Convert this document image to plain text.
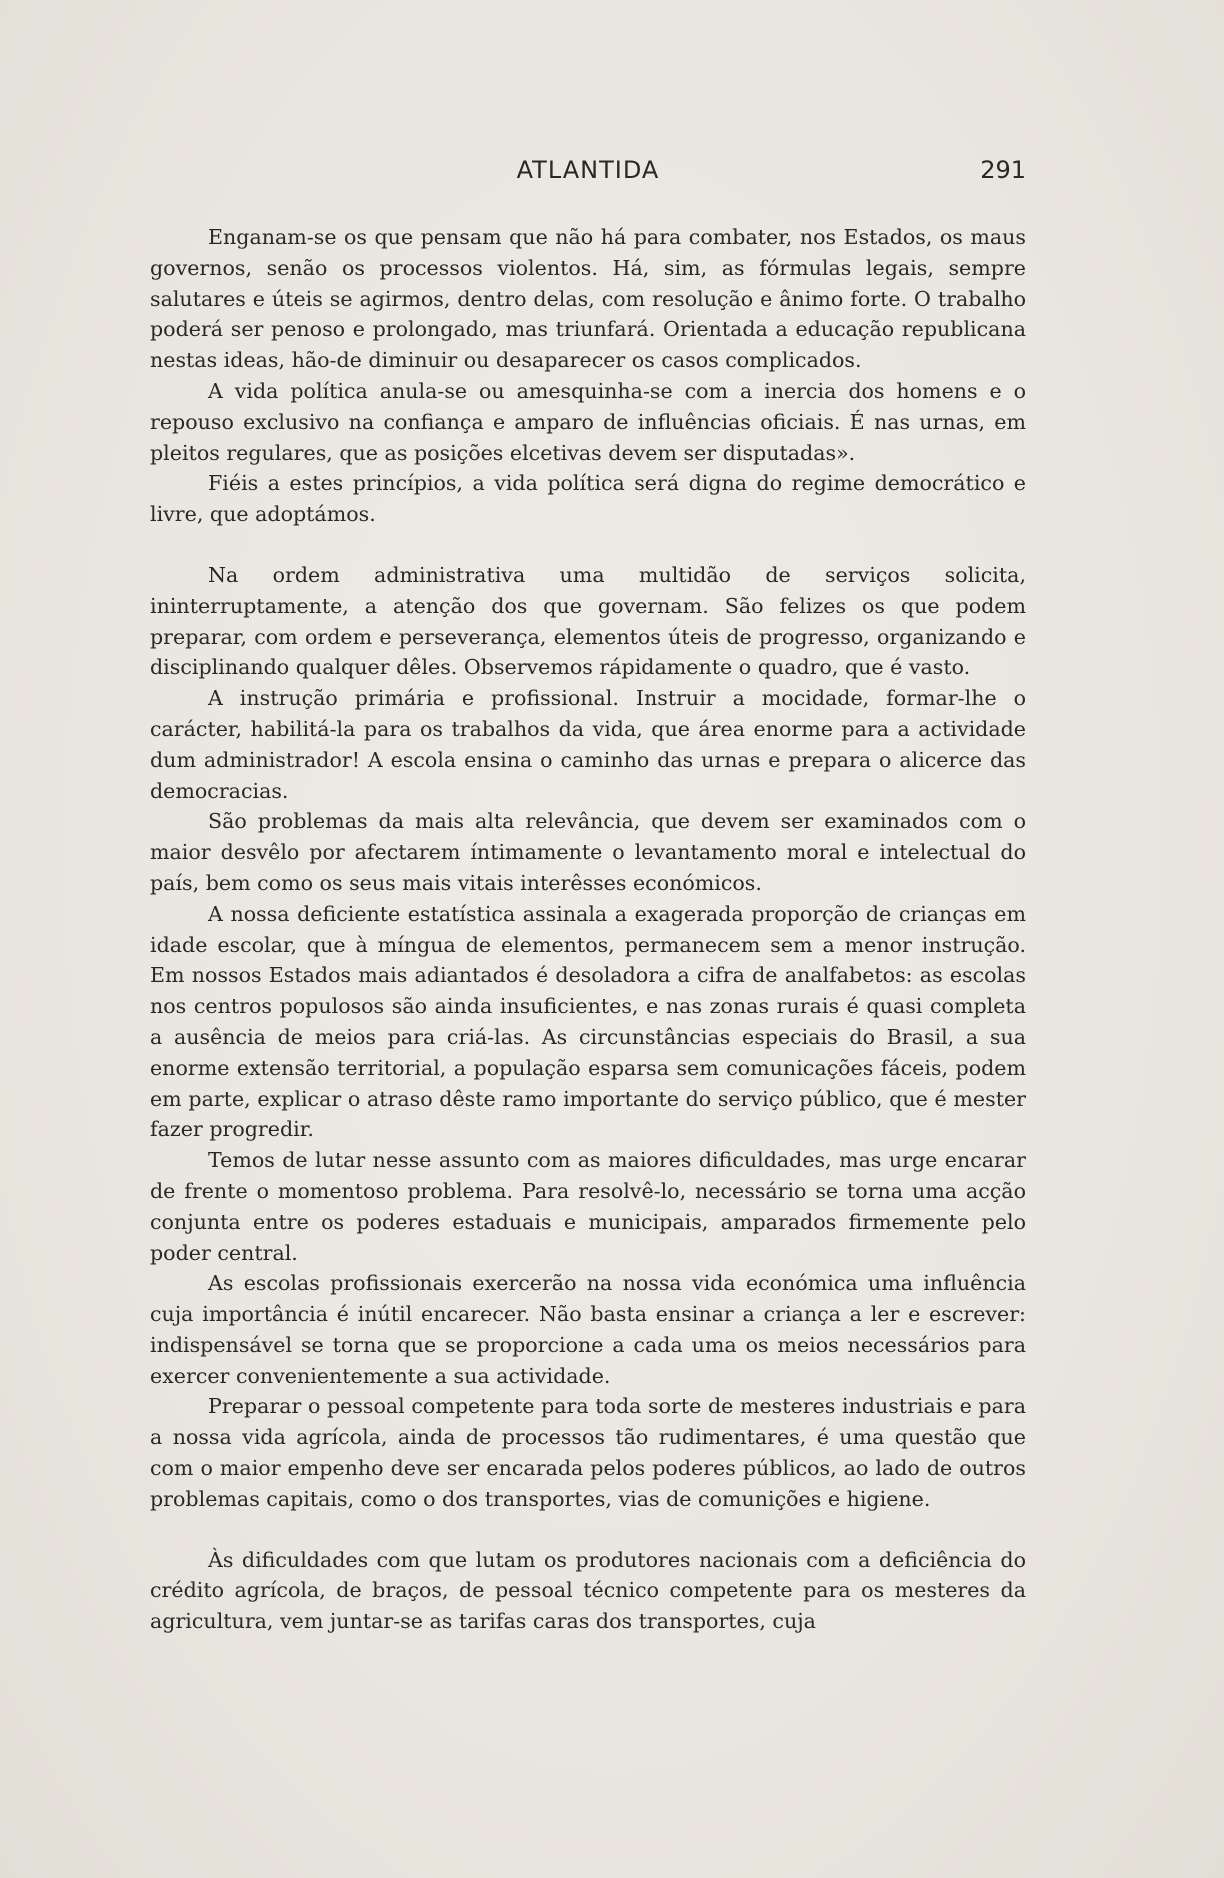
ATLANTIDA	291

Enganam-se os que pensam que não há para combater, nos Estados, os maus governos, senão os processos violentos. Há, sim, as fórmulas legais, sempre salutares e úteis se agirmos, dentro delas, com resolução e ânimo forte. O trabalho poderá ser penoso e prolongado, mas triunfará. Orientada a educação republicana nestas ideas, hão-de diminuir ou desaparecer os casos complicados.

A vida política anula-se ou amesquinha-se com a inercia dos homens e o repouso exclusivo na confiança e amparo de influências oficiais. É nas urnas, em pleitos regulares, que as posições elcetivas devem ser disputadas».

Fiéis a estes princípios, a vida política será digna do regime democrático e livre, que adoptámos.

Na ordem administrativa uma multidão de serviços solicita, ininterruptamente, a atenção dos que governam. São felizes os que podem preparar, com ordem e perseverança, elementos úteis de progresso, organizando e disciplinando qualquer dêles. Observemos rápidamente o quadro, que é vasto.

A instrução primária e profissional. Instruir a mocidade, formar-lhe o carácter, habilitá-la para os trabalhos da vida, que área enorme para a actividade dum administrador! A escola ensina o caminho das urnas e prepara o alicerce das democracias.

São problemas da mais alta relevância, que devem ser examinados com o maior desvêlo por afectarem íntimamente o levantamento moral e intelectual do país, bem como os seus mais vitais interêsses económicos.

A nossa deficiente estatística assinala a exagerada proporção de crianças em idade escolar, que à míngua de elementos, permanecem sem a menor instrução. Em nossos Estados mais adiantados é desoladora a cifra de analfabetos: as escolas nos centros populosos são ainda insuficientes, e nas zonas rurais é quasi completa a ausência de meios para criá-las. As circunstâncias especiais do Brasil, a sua enorme extensão territorial, a população esparsa sem comunicações fáceis, podem em parte, explicar o atraso dêste ramo importante do serviço público, que é mester fazer progredir.

Temos de lutar nesse assunto com as maiores dificuldades, mas urge encarar de frente o momentoso problema. Para resolvê-lo, necessário se torna uma acção conjunta entre os poderes estaduais e municipais, amparados firmemente pelo poder central.

As escolas profissionais exercerão na nossa vida económica uma influência cuja importância é inútil encarecer. Não basta ensinar a criança a ler e escrever: indispensável se torna que se proporcione a cada uma os meios necessários para exercer convenientemente a sua actividade.

Preparar o pessoal competente para toda sorte de mesteres industriais e para a nossa vida agrícola, ainda de processos tão rudimentares, é uma questão que com o maior empenho deve ser encarada pelos poderes públicos, ao lado de outros problemas capitais, como o dos transportes, vias de comunições e higiene.

Às dificuldades com que lutam os produtores nacionais com a deficiência do crédito agrícola, de braços, de pessoal técnico competente para os mesteres da agricultura, vem juntar-se as tarifas caras dos transportes, cuja
